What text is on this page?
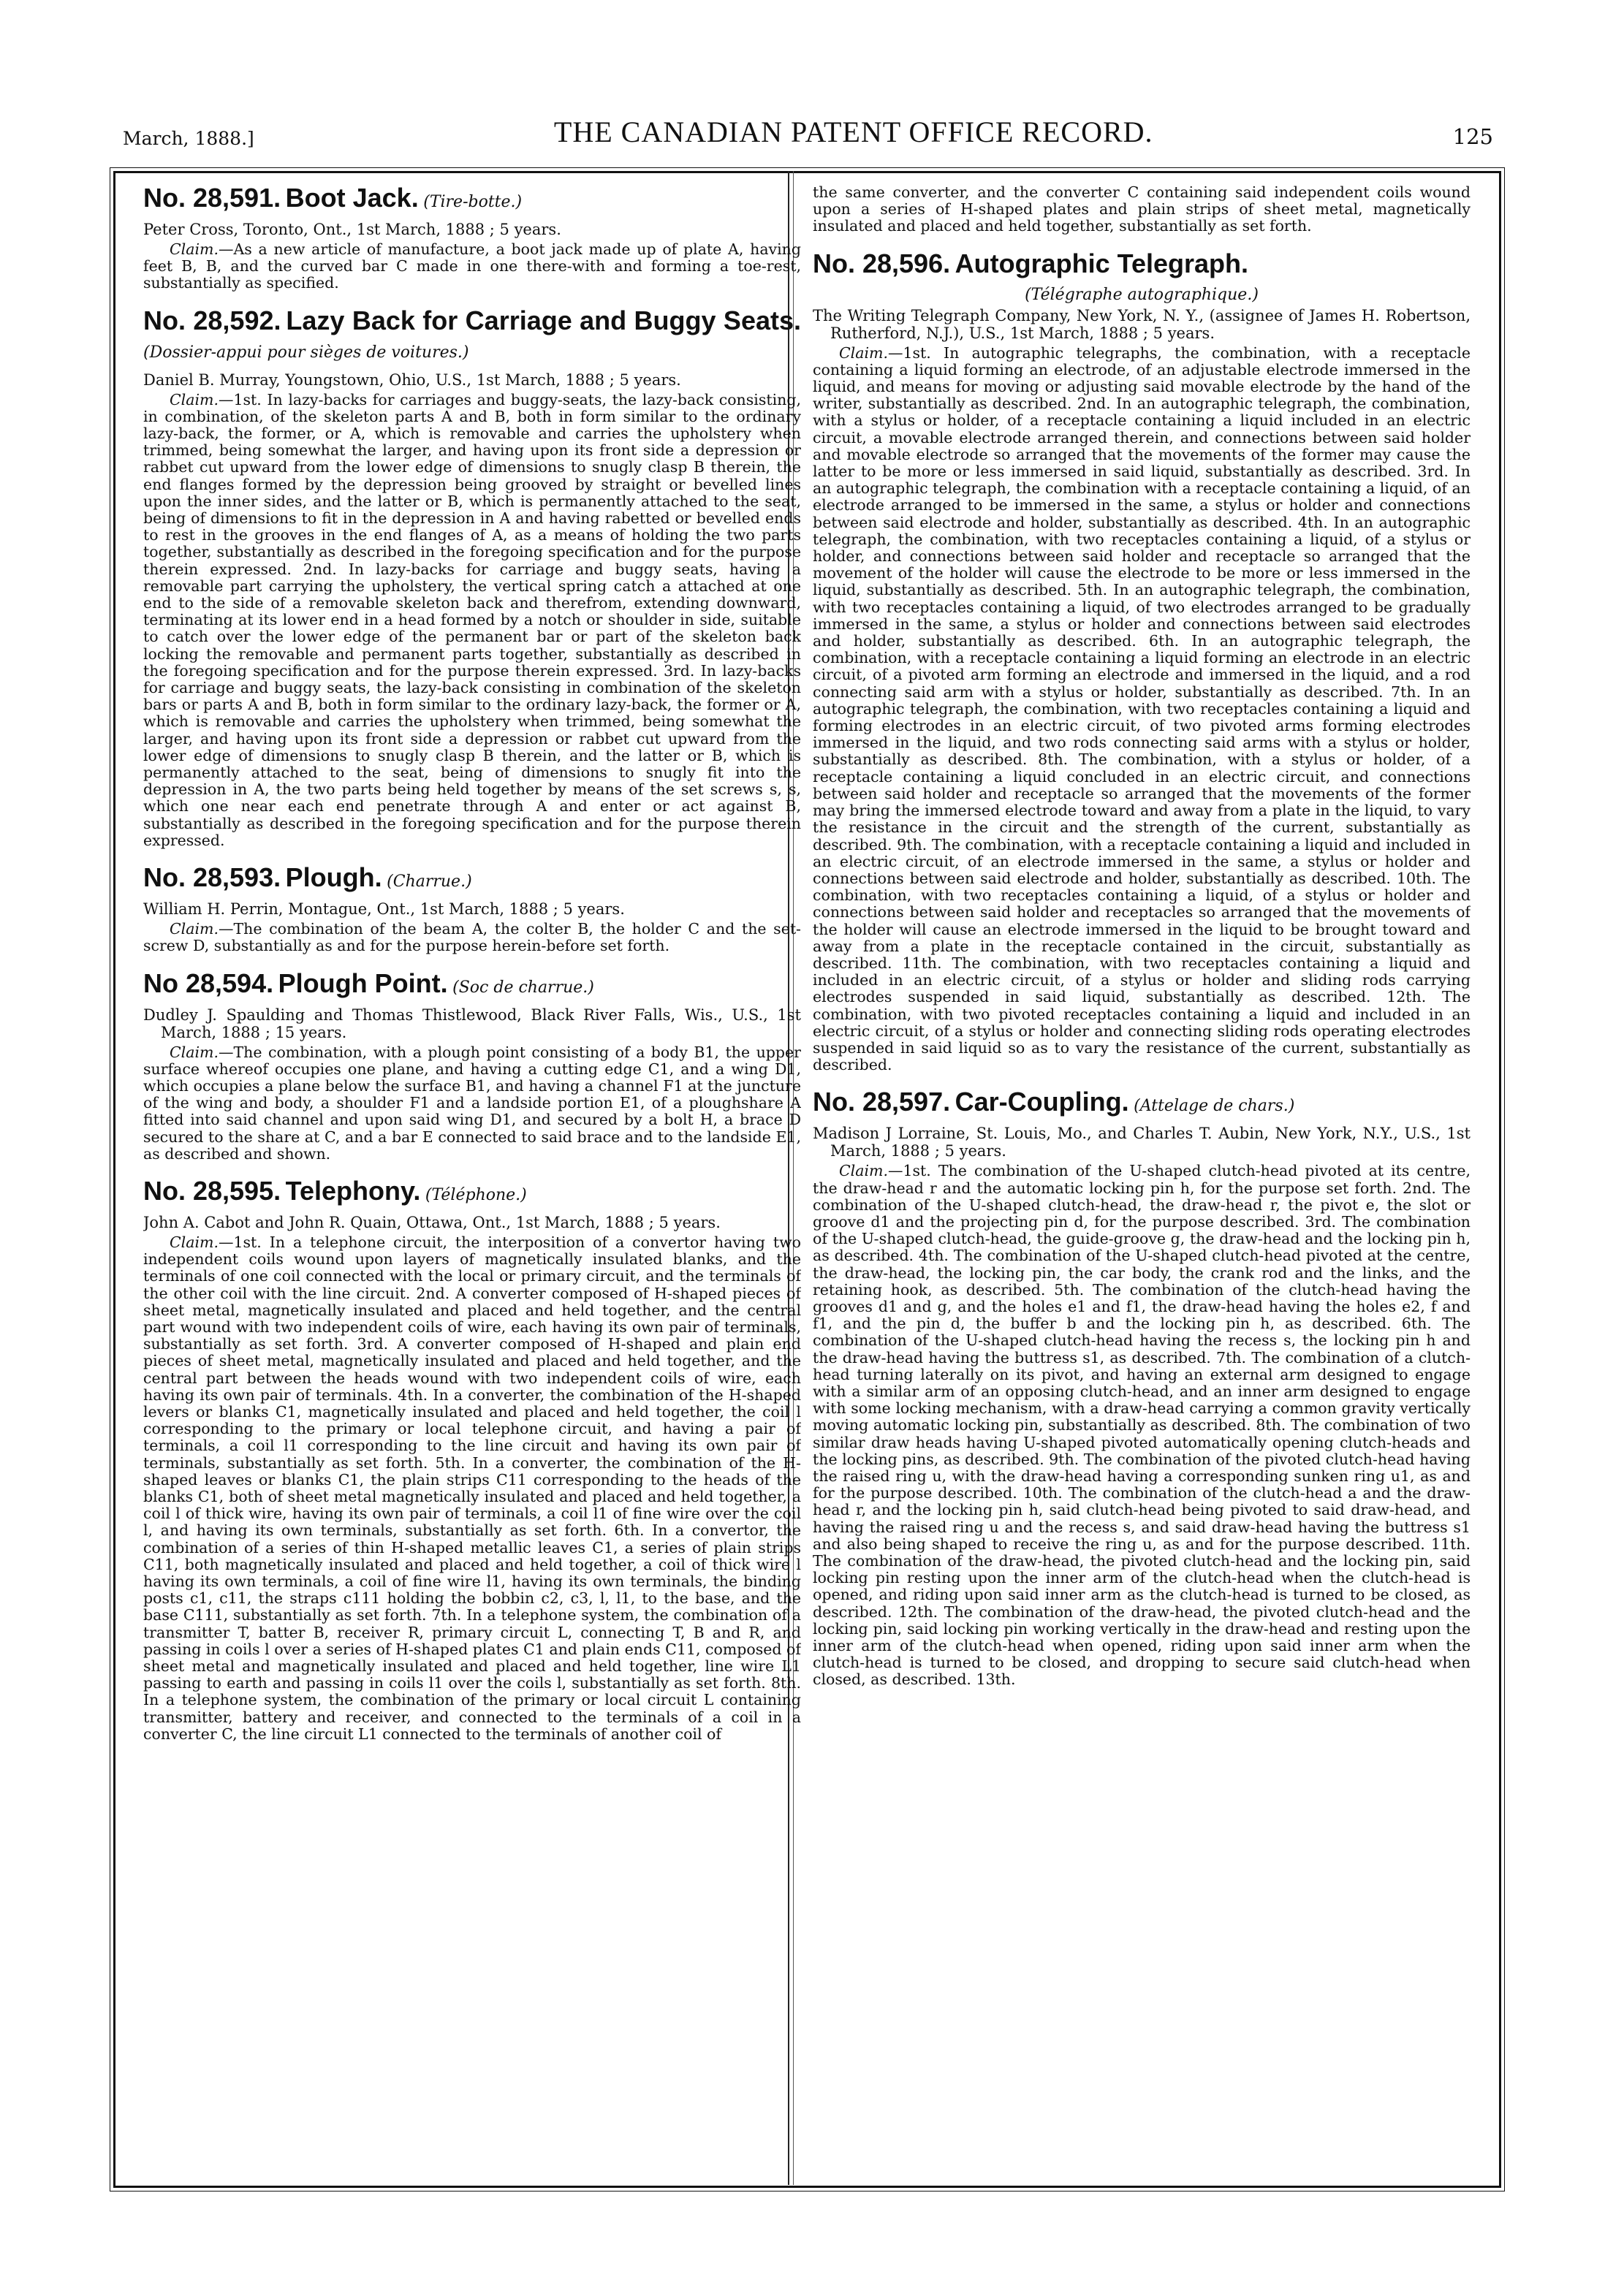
March, 1888.]	THE CANADIAN PATENT OFFICE RECORD.	125
No. 28,591. Boot Jack. (Tire-botte.)

Peter Cross, Toronto, Ont., 1st March, 1888 ; 5 years.

Claim.—As a new article of manufacture, a boot jack made up of plate A, having feet B, B, and the curved bar C made in one there-with and forming a toe-rest, substantially as specified.

No. 28,592. Lazy Back for Carriage and Buggy Seats. (Dossier-appui pour sièges de voitures.)

Daniel B. Murray, Youngstown, Ohio, U.S., 1st March, 1888 ; 5 years.

Claim.—1st. In lazy-backs for carriages and buggy-seats, the lazy-back consisting, in combination, of the skeleton parts A and B, both in form similar to the ordinary lazy-back, the former, or A, which is removable and carries the upholstery when trimmed, being somewhat the larger, and having upon its front side a depression or rabbet cut upward from the lower edge of dimensions to snugly clasp B therein, the end flanges formed by the depression being grooved by straight or bevelled lines upon the inner sides, and the latter or B, which is permanently attached to the seat, being of dimensions to fit in the depression in A and having rabetted or bevelled ends to rest in the grooves in the end flanges of A, as a means of holding the two parts together, substantially as described in the foregoing specification and for the purpose therein expressed. 2nd. In lazy-backs for carriage and buggy seats, having a removable part carrying the upholstery, the vertical spring catch a attached at one end to the side of a removable skeleton back and therefrom, extending downward, terminating at its lower end in a head formed by a notch or shoulder in side, suitable to catch over the lower edge of the permanent bar or part of the skeleton back locking the removable and permanent parts together, substantially as described in the foregoing specification and for the purpose therein expressed. 3rd. In lazy-backs for carriage and buggy seats, the lazy-back consisting in combination of the skeleton bars or parts A and B, both in form similar to the ordinary lazy-back, the former or A, which is removable and carries the upholstery when trimmed, being somewhat the larger, and having upon its front side a depression or rabbet cut upward from the lower edge of dimensions to snugly clasp B therein, and the latter or B, which is permanently attached to the seat, being of dimensions to snugly fit into the depression in A, the two parts being held together by means of the set screws s, s, which one near each end penetrate through A and enter or act against B, substantially as described in the foregoing specification and for the purpose therein expressed.

No. 28,593. Plough. (Charrue.)

William H. Perrin, Montague, Ont., 1st March, 1888 ; 5 years.

Claim.—The combination of the beam A, the colter B, the holder C and the set-screw D, substantially as and for the purpose herein-before set forth.

No 28,594. Plough Point. (Soc de charrue.)

Dudley J. Spaulding and Thomas Thistlewood, Black River Falls, Wis., U.S., 1st March, 1888 ; 15 years.

Claim.—The combination, with a plough point consisting of a body B1, the upper surface whereof occupies one plane, and having a cutting edge C1, and a wing D1, which occupies a plane below the surface B1, and having a channel F1 at the juncture of the wing and body, a shoulder F1 and a landside portion E1, of a ploughshare A fitted into said channel and upon said wing D1, and secured by a bolt H, a brace D secured to the share at C, and a bar E connected to said brace and to the landside E1, as described and shown.

No. 28,595. Telephony. (Téléphone.)

John A. Cabot and John R. Quain, Ottawa, Ont., 1st March, 1888 ; 5 years.

Claim.—1st. In a telephone circuit, the interposition of a convertor having two independent coils wound upon layers of magnetically insulated blanks, and the terminals of one coil connected with the local or primary circuit, and the terminals of the other coil with the line circuit. 2nd. A converter composed of H-shaped pieces of sheet metal, magnetically insulated and placed and held together, and the central part wound with two independent coils of wire, each having its own pair of terminals, substantially as set forth. 3rd. A converter composed of H-shaped and plain end pieces of sheet metal, magnetically insulated and placed and held together, and the central part between the heads wound with two independent coils of wire, each having its own pair of terminals. 4th. In a converter, the combination of the H-shaped levers or blanks C1, magnetically insulated and placed and held together, the coil l corresponding to the primary or local telephone circuit, and having a pair of terminals, a coil l1 corresponding to the line circuit and having its own pair of terminals, substantially as set forth. 5th. In a converter, the combination of the H-shaped leaves or blanks C1, the plain strips C11 corresponding to the heads of the blanks C1, both of sheet metal magnetically insulated and placed and held together, a coil l of thick wire, having its own pair of terminals, a coil l1 of fine wire over the coil l, and having its own terminals, substantially as set forth. 6th. In a convertor, the combination of a series of thin H-shaped metallic leaves C1, a series of plain strips C11, both magnetically insulated and placed and held together, a coil of thick wire l having its own terminals, a coil of fine wire l1, having its own terminals, the binding posts c1, c11, the straps c111 holding the bobbin c2, c3, l, l1, to the base, and the base C111, substantially as set forth. 7th. In a telephone system, the combination of a transmitter T, batter B, receiver R, primary circuit L, connecting T, B and R, and passing in coils l over a series of H-shaped plates C1 and plain ends C11, composed of sheet metal and magnetically insulated and placed and held together, line wire L1 passing to earth and passing in coils l1 over the coils l, substantially as set forth. 8th. In a telephone system, the combination of the primary or local circuit L containing transmitter, battery and receiver, and connected to the terminals of a coil in a converter C, the line circuit L1 connected to the terminals of another coil of

the same converter, and the converter C containing said independent coils wound upon a series of H-shaped plates and plain strips of sheet metal, magnetically insulated and placed and held together, substantially as set forth.

No. 28,596. Autographic Telegraph.

(Télégraphe autographique.)

The Writing Telegraph Company, New York, N. Y., (assignee of James H. Robertson, Rutherford, N.J.), U.S., 1st March, 1888 ; 5 years.

Claim.—1st. In autographic telegraphs, the combination, with a receptacle containing a liquid forming an electrode, of an adjustable electrode immersed in the liquid, and means for moving or adjusting said movable electrode by the hand of the writer, substantially as described. 2nd. In an autographic telegraph, the combination, with a stylus or holder, of a receptacle containing a liquid included in an electric circuit, a movable electrode arranged therein, and connections between said holder and movable electrode so arranged that the movements of the former may cause the latter to be more or less immersed in said liquid, substantially as described. 3rd. In an autographic telegraph, the combination with a receptacle containing a liquid, of an electrode arranged to be immersed in the same, a stylus or holder and connections between said electrode and holder, substantially as described. 4th. In an autographic telegraph, the combination, with two receptacles containing a liquid, of a stylus or holder, and connections between said holder and receptacle so arranged that the movement of the holder will cause the electrode to be more or less immersed in the liquid, substantially as described. 5th. In an autographic telegraph, the combination, with two receptacles containing a liquid, of two electrodes arranged to be gradually immersed in the same, a stylus or holder and connections between said electrodes and holder, substantially as described. 6th. In an autographic telegraph, the combination, with a receptacle containing a liquid forming an electrode in an electric circuit, of a pivoted arm forming an electrode and immersed in the liquid, and a rod connecting said arm with a stylus or holder, substantially as described. 7th. In an autographic telegraph, the combination, with two receptacles containing a liquid and forming electrodes in an electric circuit, of two pivoted arms forming electrodes immersed in the liquid, and two rods connecting said arms with a stylus or holder, substantially as described. 8th. The combination, with a stylus or holder, of a receptacle containing a liquid concluded in an electric circuit, and connections between said holder and receptacle so arranged that the movements of the former may bring the immersed electrode toward and away from a plate in the liquid, to vary the resistance in the circuit and the strength of the current, substantially as described. 9th. The combination, with a receptacle containing a liquid and included in an electric circuit, of an electrode immersed in the same, a stylus or holder and connections between said electrode and holder, substantially as described. 10th. The combination, with two receptacles containing a liquid, of a stylus or holder and connections between said holder and receptacles so arranged that the movements of the holder will cause an electrode immersed in the liquid to be brought toward and away from a plate in the receptacle contained in the circuit, substantially as described. 11th. The combination, with two receptacles containing a liquid and included in an electric circuit, of a stylus or holder and sliding rods carrying electrodes suspended in said liquid, substantially as described. 12th. The combination, with two pivoted receptacles containing a liquid and included in an electric circuit, of a stylus or holder and connecting sliding rods operating electrodes suspended in said liquid so as to vary the resistance of the current, substantially as described.

No. 28,597. Car-Coupling. (Attelage de chars.)

Madison J Lorraine, St. Louis, Mo., and Charles T. Aubin, New York, N.Y., U.S., 1st March, 1888 ; 5 years.

Claim.—1st. The combination of the U-shaped clutch-head pivoted at its centre, the draw-head r and the automatic locking pin h, for the purpose set forth. 2nd. The combination of the U-shaped clutch-head, the draw-head r, the pivot e, the slot or groove d1 and the projecting pin d, for the purpose described. 3rd. The combination of the U-shaped clutch-head, the guide-groove g, the draw-head and the locking pin h, as described. 4th. The combination of the U-shaped clutch-head pivoted at the centre, the draw-head, the locking pin, the car body, the crank rod and the links, and the retaining hook, as described. 5th. The combination of the clutch-head having the grooves d1 and g, and the holes e1 and f1, the draw-head having the holes e2, f and f1, and the pin d, the buffer b and the locking pin h, as described. 6th. The combination of the U-shaped clutch-head having the recess s, the locking pin h and the draw-head having the buttress s1, as described. 7th. The combination of a clutch-head turning laterally on its pivot, and having an external arm designed to engage with a similar arm of an opposing clutch-head, and an inner arm designed to engage with some locking mechanism, with a draw-head carrying a common gravity vertically moving automatic locking pin, substantially as described. 8th. The combination of two similar draw heads having U-shaped pivoted automatically opening clutch-heads and the locking pins, as described. 9th. The combination of the pivoted clutch-head having the raised ring u, with the draw-head having a corresponding sunken ring u1, as and for the purpose described. 10th. The combination of the clutch-head a and the draw-head r, and the locking pin h, said clutch-head being pivoted to said draw-head, and having the raised ring u and the recess s, and said draw-head having the buttress s1 and also being shaped to receive the ring u, as and for the purpose described. 11th. The combination of the draw-head, the pivoted clutch-head and the locking pin, said locking pin resting upon the inner arm of the clutch-head when the clutch-head is opened, and riding upon said inner arm as the clutch-head is turned to be closed, as described. 12th. The combination of the draw-head, the pivoted clutch-head and the locking pin, said locking pin working vertically in the draw-head and resting upon the inner arm of the clutch-head when opened, riding upon said inner arm when the clutch-head is turned to be closed, and dropping to secure said clutch-head when closed, as described. 13th.
